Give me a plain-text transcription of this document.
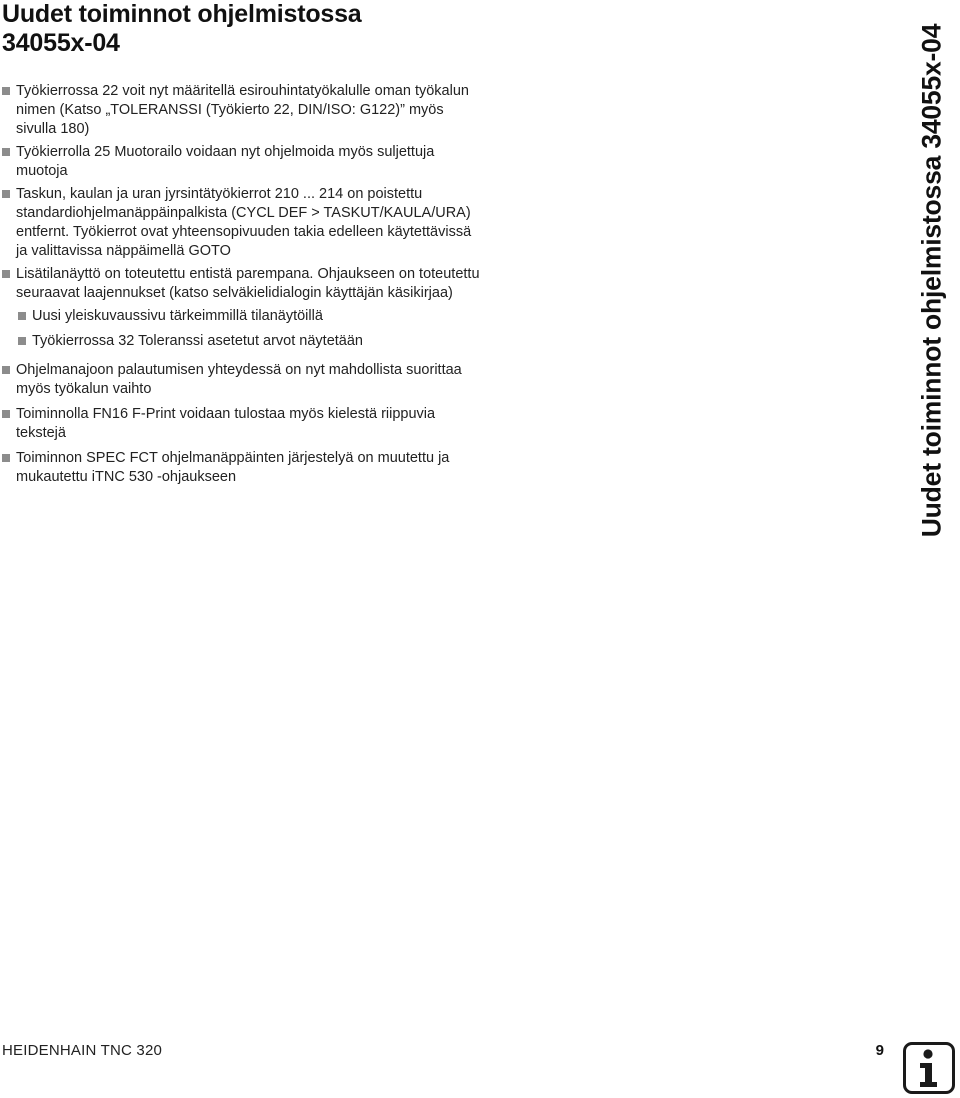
Uudet toiminnot ohjelmistossa
34055x-04
Työkierrossa 22 voit nyt määritellä esirouhintatyökalulle oman työkalun nimen (Katso „TOLERANSSI (Työkierto 22, DIN/ISO: G122)” myös sivulla 180)
Työkierrolla 25 Muotorailo voidaan nyt ohjelmoida myös suljettuja muotoja
Taskun, kaulan ja uran jyrsintätyökierrot 210 ... 214 on poistettu standardiohjelmanäppäinpalkista (CYCL DEF > TASKUT/KAULA/URA) entfernt. Työkierrot ovat yhteensopivuuden takia edelleen käytettävissä ja valittavissa näppäimellä GOTO
Lisätilanäyttö on toteutettu entistä parempana. Ohjaukseen on toteutettu seuraavat laajennukset (katso selväkielidialogin käyttäjän käsikirjaa)
Uusi yleiskuvaussivu tärkeimmillä tilanäytöillä
Työkierrossa 32 Toleranssi asetetut arvot näytetään
Ohjelmanajoon palautumisen yhteydessä on nyt mahdollista suorittaa myös työkalun vaihto
Toiminnolla FN16 F-Print voidaan tulostaa myös kielestä riippuvia tekstejä
Toiminnon SPEC FCT ohjelmanäppäinten järjestelyä on muutettu ja mukautettu iTNC 530 -ohjaukseen	Uudet toiminnot ohjelmistossa 34055x-04
HEIDENHAIN TNC 320	9
